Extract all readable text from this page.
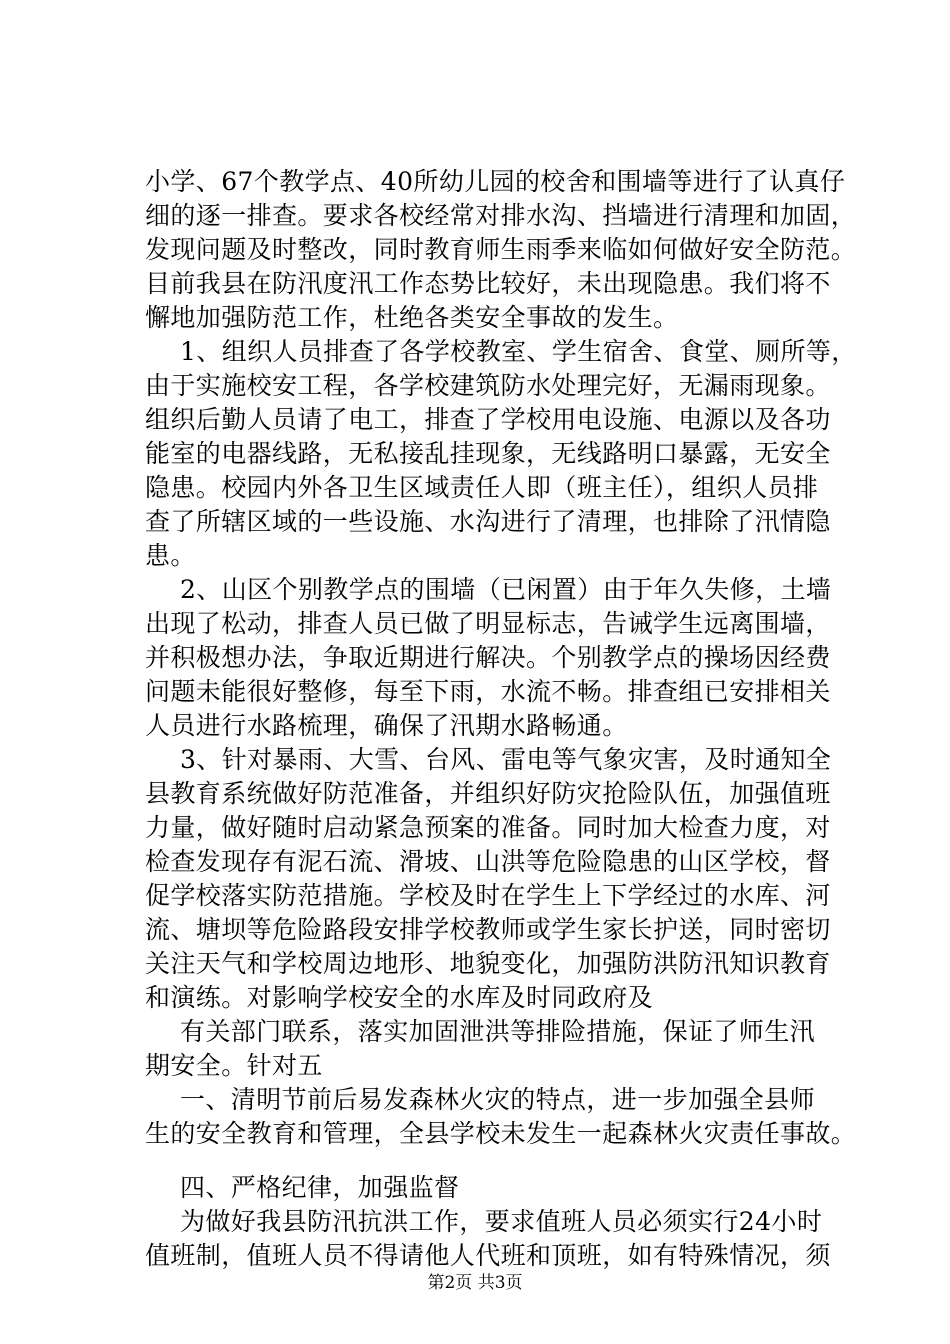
小学、67个教学点、40所幼儿园的校舍和围墙等进行了认真仔
细的逐一排查。要求各校经常对排水沟、挡墙进行清理和加固，
发现问题及时整改，同时教育师生雨季来临如何做好安全防范。
目前我县在防汛度汛工作态势比较好，未出现隐患。我们将不
懈地加强防范工作，杜绝各类安全事故的发生。
1、组织人员排查了各学校教室、学生宿舍、食堂、厕所等，
由于实施校安工程，各学校建筑防水处理完好，无漏雨现象。
组织后勤人员请了电工，排查了学校用电设施、电源以及各功
能室的电器线路，无私接乱挂现象，无线路明口暴露，无安全
隐患。校园内外各卫生区域责任人即（班主任），组织人员排
查了所辖区域的一些设施、水沟进行了清理，也排除了汛情隐
患。
2、山区个别教学点的围墙（已闲置）由于年久失修，土墙
出现了松动，排查人员已做了明显标志，告诫学生远离围墙，
并积极想办法，争取近期进行解决。个别教学点的操场因经费
问题未能很好整修，每至下雨，水流不畅。排查组已安排相关
人员进行水路梳理，确保了汛期水路畅通。
3、针对暴雨、大雪、台风、雷电等气象灾害，及时通知全
县教育系统做好防范准备，并组织好防灾抢险队伍，加强值班
力量，做好随时启动紧急预案的准备。同时加大检查力度，对
检查发现存有泥石流、滑坡、山洪等危险隐患的山区学校，督
促学校落实防范措施。学校及时在学生上下学经过的水库、河
流、塘坝等危险路段安排学校教师或学生家长护送，同时密切
关注天气和学校周边地形、地貌变化，加强防洪防汛知识教育
和演练。对影响学校安全的水库及时同政府及
有关部门联系，落实加固泄洪等排险措施，保证了师生汛
期安全。针对五
一、清明节前后易发森林火灾的特点，进一步加强全县师
生的安全教育和管理，全县学校未发生一起森林火灾责任事故。
四、严格纪律，加强监督
为做好我县防汛抗洪工作，要求值班人员必须实行24小时
值班制，值班人员不得请他人代班和顶班，如有特殊情况，须
第2页 共3页
